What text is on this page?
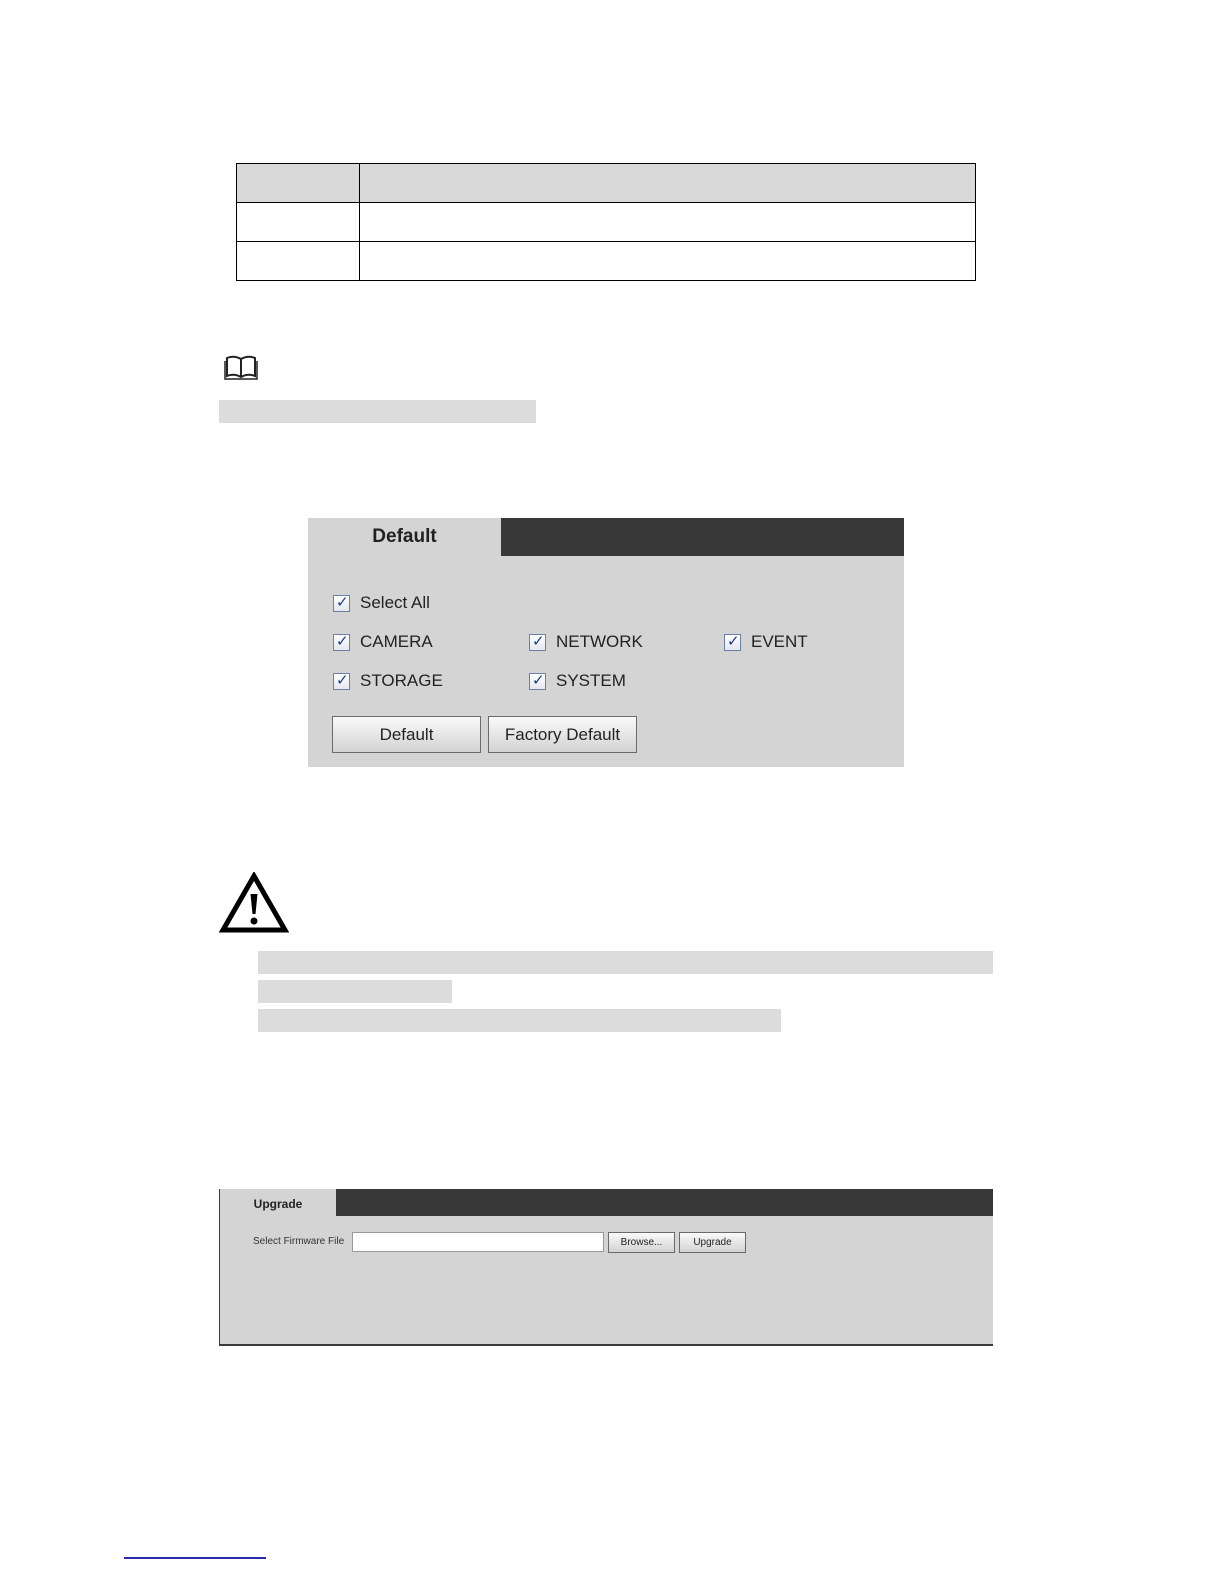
Default
✓
Select All
✓
CAMERA ✓	NETWORK ✓	EVENT
✓
STORAGE ✓	SYSTEM
Default	Factory Default
Upgrade
Select Firmware File	Browse...	Upgrade
